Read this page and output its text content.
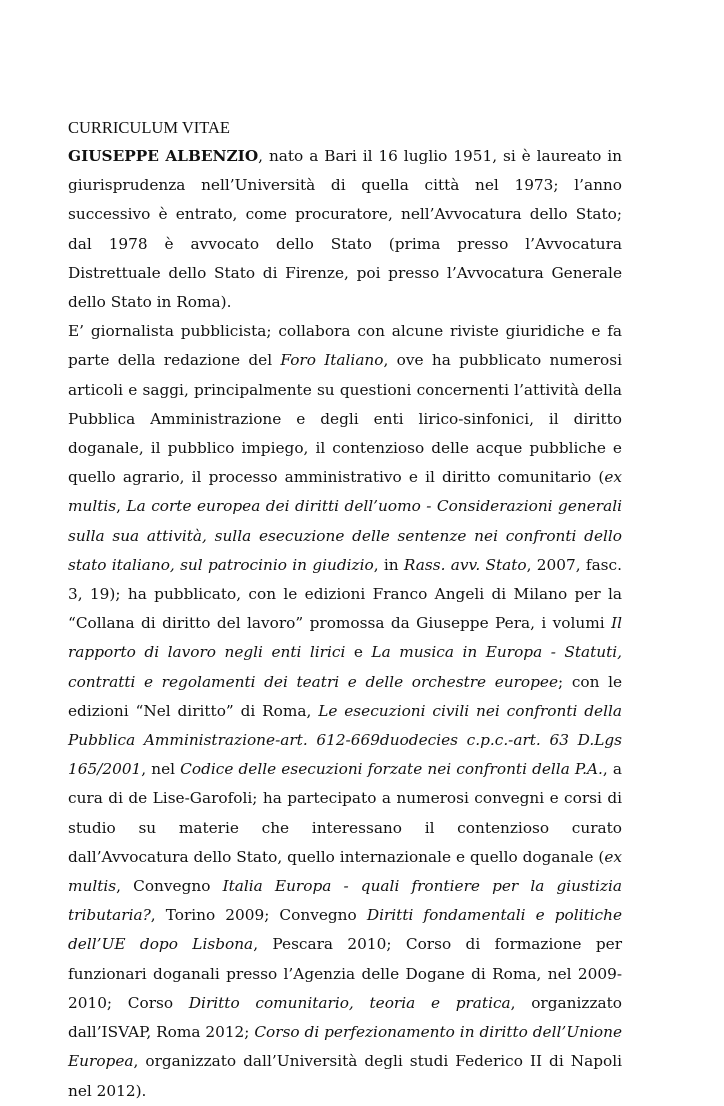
CURRICULUM VITAE

GIUSEPPE ALBENZIO, nato a Bari il 16 luglio 1951, si è laureato in giurisprudenza nell’Università di quella città nel 1973; l’anno successivo è entrato, come procuratore, nell’Avvocatura dello Stato; dal 1978 è avvocato dello Stato (prima presso l’Avvocatura Distrettuale dello Stato di Firenze, poi presso l’Avvocatura Generale dello Stato in Roma).

E’ giornalista pubblicista; collabora con alcune riviste giuridiche e fa parte della redazione del Foro Italiano, ove ha pubblicato numerosi articoli e saggi, principalmente su questioni concernenti l’attività della Pubblica Amministrazione e degli enti lirico-sinfonici, il diritto doganale, il pubblico impiego, il contenzioso delle acque pubbliche e quello agrario, il processo amministrativo e il diritto comunitario (ex multis, La corte europea dei diritti dell’uomo - Considerazioni generali sulla sua attività, sulla esecuzione delle sentenze nei confronti dello stato italiano, sul patrocinio in giudizio, in Rass. avv. Stato, 2007, fasc. 3, 19); ha pubblicato, con le edizioni Franco Angeli di Milano per la “Collana di diritto del lavoro” promossa da Giuseppe Pera, i volumi Il rapporto di lavoro negli enti lirici e La musica in Europa - Statuti, contratti e regolamenti dei teatri e delle orchestre europee; con le edizioni “Nel diritto” di Roma, Le esecuzioni civili nei confronti della Pubblica Amministrazione-art. 612-669duodecies c.p.c.-art. 63 D.Lgs 165/2001, nel Codice delle esecuzioni forzate nei confronti della P.A., a cura di de Lise-Garofoli; ha partecipato a numerosi convegni e corsi di studio su materie che interessano il contenzioso curato dall’Avvocatura dello Stato, quello internazionale e quello doganale (ex multis, Convegno Italia Europa - quali frontiere per la giustizia tributaria?, Torino 2009; Convegno Diritti fondamentali e politiche dell’UE dopo Lisbona, Pescara 2010; Corso di formazione per funzionari doganali presso l’Agenzia delle Dogane di Roma, nel 2009-2010; Corso Diritto comunitario, teoria e pratica, organizzato dall’ISVAP, Roma 2012; Corso di perfezionamento in diritto dell’Unione Europea, organizzato dall’Università degli studi Federico II di Napoli nel 2012).
